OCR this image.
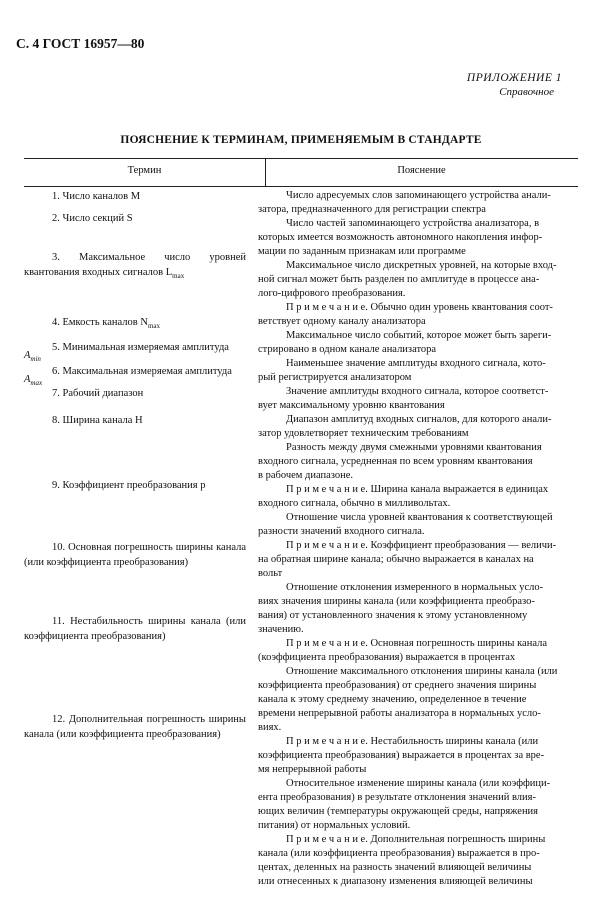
С. 4 ГОСТ 16957—80
ПРИЛОЖЕНИЕ 1
Справочное
ПОЯСНЕНИЕ К ТЕРМИНАМ, ПРИМЕНЯЕМЫМ В СТАНДАРТЕ
Термин	Пояснение
1. Число каналов M
2. Число секций S
3. Максимальное число уровней квантования входных сигналов $L_{max}$
4. Емкость каналов $N_{max}$
5. Минимальная измеряемая амплитуда
$A_{min}$
6. Максимальная измеряемая амплитуда
$A_{max}$
7. Рабочий диапазон
8. Ширина канала H
9. Коэффициент преобразования p
10. Основная погрешность ширины канала (или коэффициента преобразования)
11. Нестабильность ширины канала (или коэффициента преобразования)
12. Дополнительная погрешность ширины канала (или коэффициента преобразования)
Число адресуемых слов запоминающего устройства анали-
затора, предназначенного для регистрации спектра
Число частей запоминающего устройства анализатора, в
которых имеется возможность автономного накопления инфор-
мации по заданным признакам или программе
Максимальное число дискретных уровней, на которые вход-
ной сигнал может быть разделен по амплитуде в процессе ана-
лого-цифрового преобразования.
П р и м е ч а н и е. Обычно один уровень квантования соот-
ветствует одному каналу анализатора
Максимальное число событий, которое может быть зареги-
стрировано в одном канале анализатора
Наименьшее значение амплитуды входного сигнала, кото-
рый регистрируется анализатором
Значение амплитуды входного сигнала, которое соответст-
вует максимальному уровню квантования
Диапазон амплитуд входных сигналов, для которого анали-
затор удовлетворяет техническим требованиям
Разность между двумя смежными уровнями квантования
входного сигнала, усредненная по всем уровням квантования
в рабочем диапазоне.
П р и м е ч а н и е. Ширина канала выражается в единицах
входного сигнала, обычно в милливольтах.
Отношение числа уровней квантования к соответствующей
разности значений входного сигнала.
П р и м е ч а н и е. Коэффициент преобразования — величи-
на обратная ширине канала; обычно выражается в каналах на
вольт
Отношение отклонения измеренного в нормальных усло-
виях значения ширины канала (или коэффициента преобразо-
вания) от установленного значения к этому установленному
значению.
П р и м е ч а н и е. Основная погрешность ширины канала
(коэффициента преобразования) выражается в процентах
Отношение максимального отклонения ширины канала (или
коэффициента преобразования) от среднего значения ширины
канала к этому среднему значению, определенное в течение
времени непрерывной работы анализатора в нормальных усло-
виях.
П р и м е ч а н и е. Нестабильность ширины канала (или
коэффициента преобразования) выражается в процентах за вре-
мя непрерывной работы
Относительное изменение ширины канала (или коэффици-
ента преобразования) в результате отклонения значений влия-
ющих величин (температуры окружающей среды, напряжения
питания) от нормальных условий.
П р и м е ч а н и е. Дополнительная погрешность ширины
канала (или коэффициента преобразования) выражается в про-
центах, деленных на разность значений влияющей величины
или отнесенных к диапазону изменения влияющей величины
